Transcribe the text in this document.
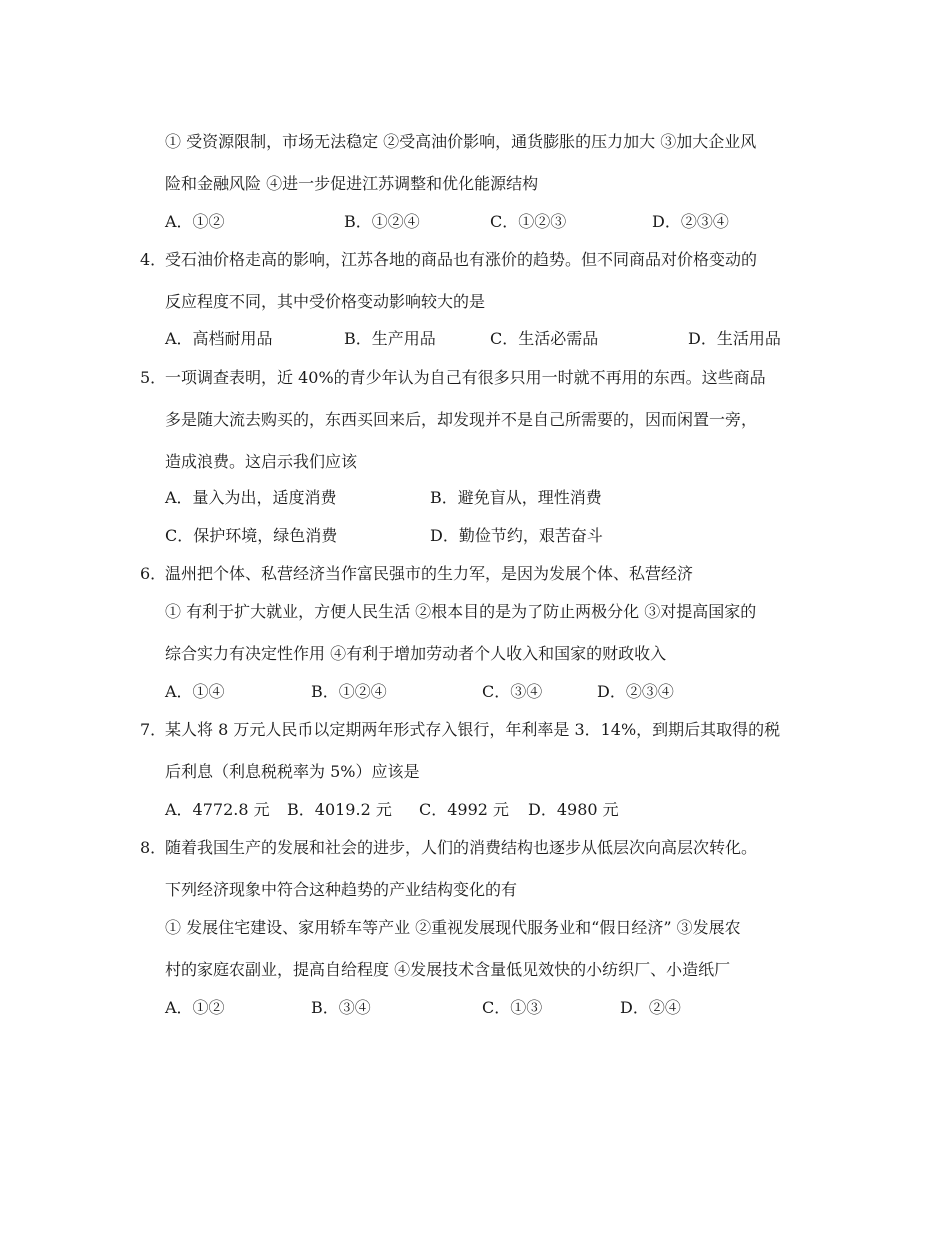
① 受资源限制，市场无法稳定 ②受高油价影响，通货膨胀的压力加大 ③加大企业风
险和金融风险 ④进一步促进江苏调整和优化能源结构
A．①②	B．①②④	C．①②③	D．②③④
4．
受石油价格走高的影响，江苏各地的商品也有涨价的趋势。但不同商品对价格变动的
反应程度不同，其中受价格变动影响较大的是
A．高档耐用品	B．生产用品	C．生活必需品	D．生活用品
5．
一项调查表明，近 40%的青少年认为自己有很多只用一时就不再用的东西。这些商品
多是随大流去购买的，东西买回来后，却发现并不是自己所需要的，因而闲置一旁，
造成浪费。这启示我们应该
A．量入为出，适度消费	B．避免盲从，理性消费
C．保护环境，绿色消费	D．勤俭节约，艰苦奋斗
6．
温州把个体、私营经济当作富民强市的生力军，是因为发展个体、私营经济
① 有利于扩大就业，方便人民生活 ②根本目的是为了防止两极分化 ③对提高国家的
综合实力有决定性作用 ④有利于增加劳动者个人收入和国家的财政收入
A．①④	B．①②④	C．③④	D．②③④
7．
某人将 8 万元人民币以定期两年形式存入银行，年利率是 3．14%，到期后其取得的税
后利息（利息税税率为 5%）应该是
A．4772.8 元 B．4019.2 元 C．4992 元 D．4980 元
8．
随着我国生产的发展和社会的进步，人们的消费结构也逐步从低层次向高层次转化。
下列经济现象中符合这种趋势的产业结构变化的有
① 发展住宅建设、家用轿车等产业 ②重视发展现代服务业和“假日经济” ③发展农
村的家庭农副业，提高自给程度 ④发展技术含量低见效快的小纺织厂、小造纸厂
A．①②	B．③④	C．①③	D．②④
